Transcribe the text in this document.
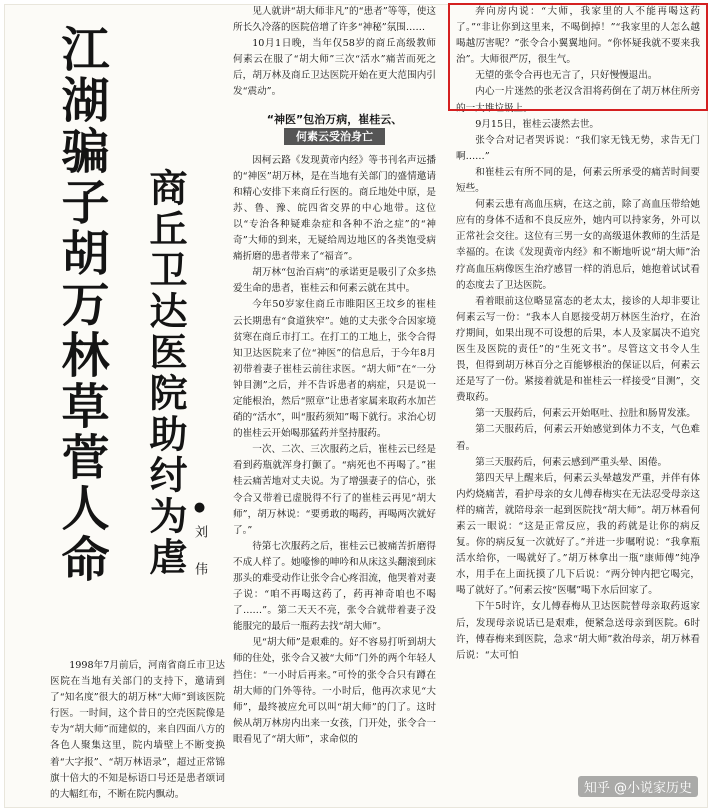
江湖骗子胡万林草菅人命 商丘卫达医院助纣为虐 ●刘 伟

1998年7月前后，河南省商丘市卫达医院在当地有关部门的支持下，邀请到了“知名度”很大的胡万林“大师”到该医院行医。一时间，这个昔日的空壳医院像是专为“胡大师”而建似的，来自四面八方的各色人聚集这里，院内墙壁上不断变换着“大字报”、“胡万林语录”，超过正常锦旗十倍大的不知是标语口号还是患者颂词的大幅红布，不断在院内飘动。

见人就讲“胡大师非凡”的“患者”等等，使这所长久冷落的医院倍增了许多“神秘”氛围……

10月1日晚，当年仅58岁的商丘高级教师何素云在服了“胡大师”三次“活水”痛苦而死之后，胡万林及商丘卫达医院开始在更大范围内引发“震动”。

“神医”包治万病，崔桂云、
何素云受治身亡

因柯云路《发现黄帝内经》等书刊名声远播的“神医”胡万林，是在当地有关部门的盛情邀请和精心安排下来商丘行医的。商丘地处中原，是苏、鲁、豫、皖四省交界的中心地带。这位以“专治各种疑难杂症和各种不治之症”的“神奇”大师的到来，无疑给周边地区的各类饱受病痛折磨的患者带来了“福音”。

胡万林“包治百病”的承诺更是吸引了众多热爱生命的患者，崔桂云和何素云就在其中。

今年50岁家住商丘市睢阳区王坟乡的崔桂云长期患有“食道狭窄”。她的丈夫张令合因家境贫寒在商丘市打工。在打工的工地上，张令合得知卫达医院来了位“神医”的信息后，于今年8月初带着妻子崔桂云前往求医。“胡大师”在“一分钟目测”之后，并不告诉患者的病症，只是说一定能根治，然后“照章”让患者家属来取药水加芒硝的“活水”，叫“服药须知”喝下就行。求治心切的崔桂云开始喝那猛药并坚持服药。

一次、二次、三次服药之后，崔桂云已经是看到药瓶就浑身打颤了。“病死也不再喝了。”崔桂云痛苦地对丈夫说。为了增强妻子的信心，张令合又带着已虚脱得不行了的崔桂云再见“胡大师”，胡万林说：“要勇敢的喝药，再喝两次就好了。”

待第七次服药之后，崔桂云已被痛苦折磨得不成人样了。她嚎惨的呻吟和从床这头翻滚到床那头的难受动作让张令合心疼泪流，他哭着对妻子说：“咱不再喝这药了，药再神奇咱也不喝了……”。第二天天不亮，张令合就带着妻子没能服完的最后一瓶药去找“胡大师”。

见“胡大师”是艰难的。好不容易打听到胡大师的住处，张令合又被“大师”门外的两个年轻人挡住：“一小时后再来。”可怜的张令合只有蹲在胡大师的门外等待。一小时后，他再次求见“大师”，最终被应允可以叫“胡大师”的门了。这时候从胡万林房内出来一女孩，门开处，张令合一眼看见了“胡大师”，求命似的

奔向房内说：“大师，我家里的人不能再喝这药了。”“非让你到这里来，不喝倒掉！”“我家里的人怎么越喝越厉害呢？”张令合小翼翼地问。“你怀疑我就不要来我治”。大师很严厉，很生气。

无望的张令合再也无言了，只好慢慢退出。

内心一片迷然的张老汉含泪将药倒在了胡万林住所旁的一大堆垃圾上。

9月15日，崔桂云凄然去世。

张令合对记者哭诉说：“我们家无钱无势，求告无门啊……”

和崔桂云有所不同的是，何素云所承受的痛苦时间要短些。

何素云患有高血压病，在这之前，除了高血压带给她应有的身体不适和不良反应外，她内可以持家务，外可以正常社会交往。这位有三男一女的高级退休教师的生活是幸福的。在读《发现黄帝内经》和不断地听说“胡大师”治疗高血压病像医生治疗感冒一样的消息后，她抱着试试看的态度去了卫达医院。

看着眼前这位略显富态的老太太，接诊的人却非要让何素云写一份：“我本人自愿接受胡万林医生治疗，在治疗期间，如果出现不可设想的后果，本人及家属决不追究医生及医院的责任”的“生死文书”。尽管这文书令人生畏，但得到胡万林百分之百能够根治的保证以后，何素云还是写了一份。紧接着就是和崔桂云一样接受“目测”，交费取药。

第一天服药后，何素云开始呕吐、拉肚和肠胃发涨。

第二天服药后，何素云开始感觉到体力不支，气色难看。

第三天服药后，何素云感到严重头晕、困倦。

第四天早上醒来后，何素云头晕越发严重，并伴有体内灼烧痛苦，看护母亲的女儿傅春梅实在无法忍受母亲这样的痛苦，就陪母亲一起到医院找“胡大师”。胡万林看何素云一眼说：“这是正常反应，我的药就是让你的病反复。你的病反复一次就好了。”并进一步嘱咐说：“我拿瓶活水给你，一喝就好了。”胡万林拿出一瓶“康师傅”纯净水，用手在上面抚摸了几下后说：“两分钟内把它喝完，喝了就好了。”何素云按“医嘱”喝下水后回家了。

下午5时许，女儿傅春梅从卫达医院替母亲取药返家后，发现母亲说话已是艰难，便紧急送母亲到医院。6时许，傅春梅来到医院，急求“胡大师”救治母亲，胡万林看后说：“太可怕

知乎 @小说家历史
